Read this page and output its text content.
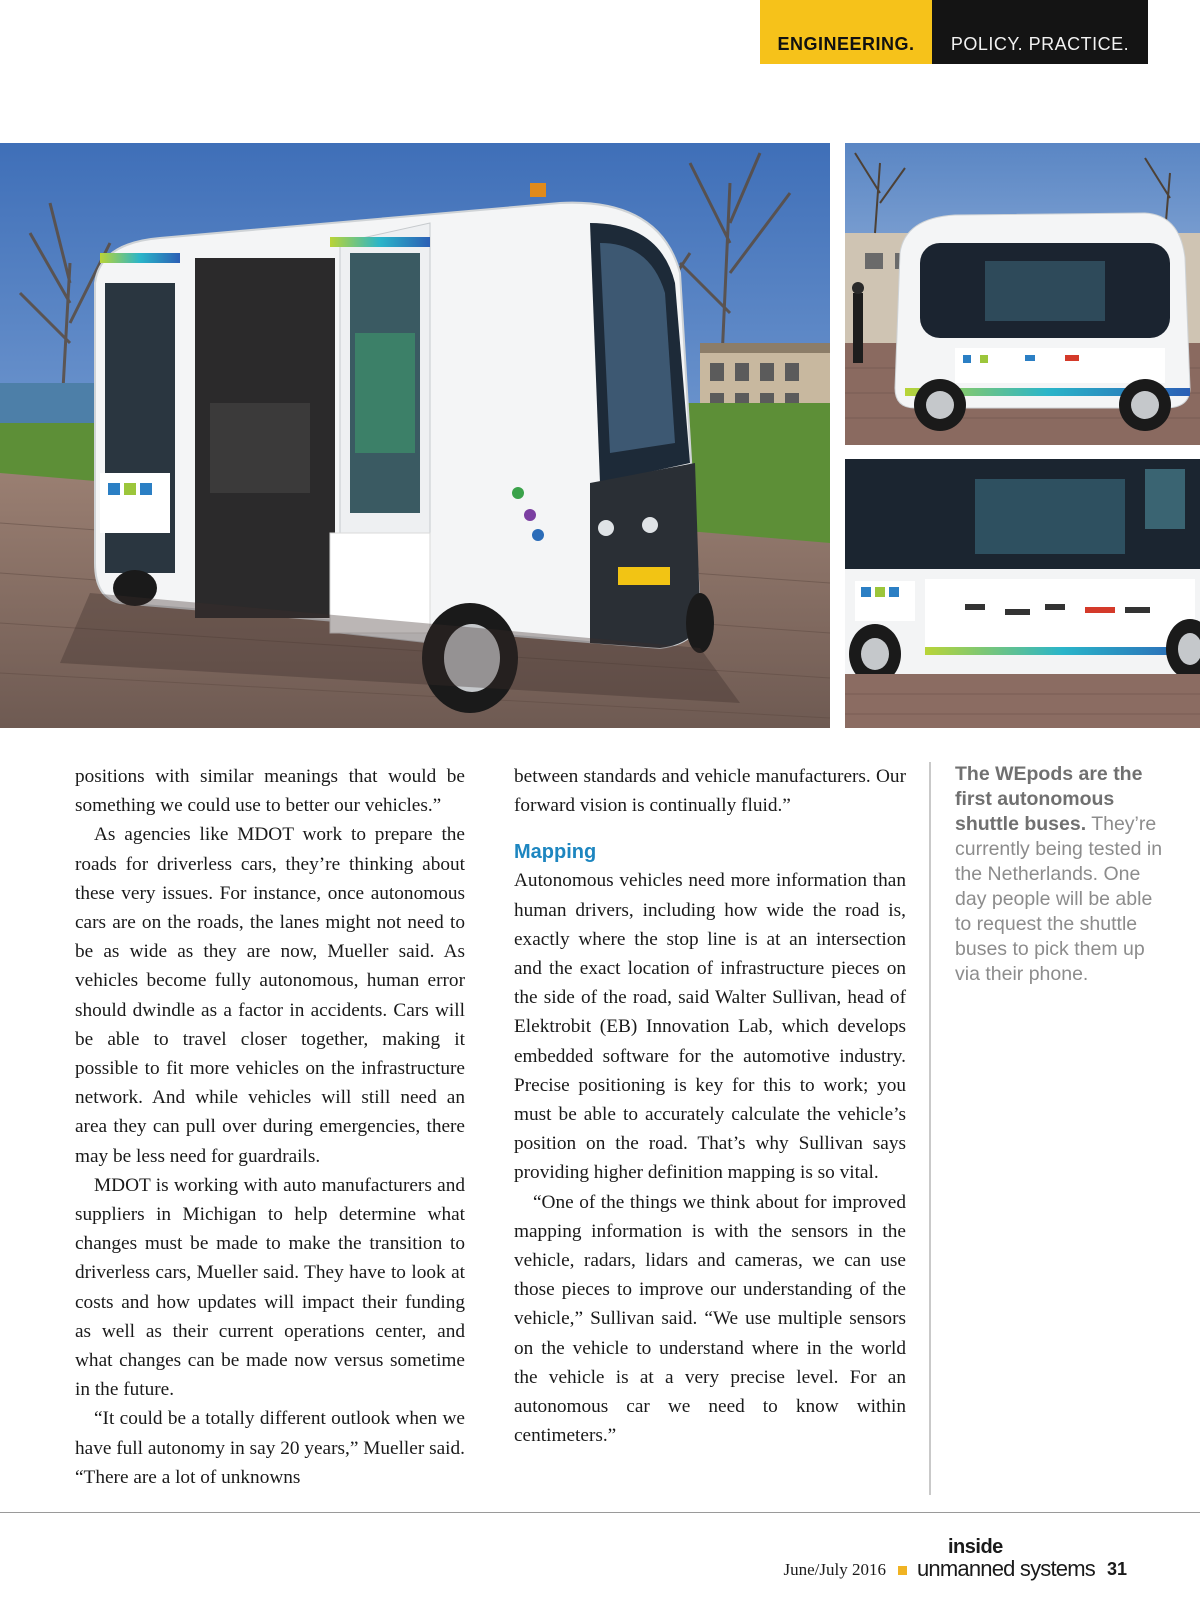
ENGINEERING.	POLICY. PRACTICE.

positions with similar meanings that would be something we could use to better our vehicles.”

As agencies like MDOT work to prepare the roads for driverless cars, they’re thinking about these very issues. For instance, once autonomous cars are on the roads, the lanes might not need to be as wide as they are now, Mueller said. As vehicles become fully autonomous, human error should dwindle as a factor in accidents. Cars will be able to travel closer together, making it possible to fit more vehicles on the infrastructure network. And while vehicles will still need an area they can pull over during emergencies, there may be less need for guardrails.

MDOT is working with auto manufacturers and suppliers in Michigan to help determine what changes must be made to make the transition to driverless cars, Mueller said. They have to look at costs and how updates will impact their funding as well as their current operations center, and what changes can be made now versus sometime in the future.

“It could be a totally different outlook when we have full autonomy in say 20 years,” Mueller said. “There are a lot of unknowns

between standards and vehicle manufacturers. Our forward vision is continually fluid.”

Mapping

Autonomous vehicles need more information than human drivers, including how wide the road is, exactly where the stop line is at an intersection and the exact location of infrastructure pieces on the side of the road, said Walter Sullivan, head of Elektrobit (EB) Innovation Lab, which develops embedded software for the automotive industry. Precise positioning is key for this to work; you must be able to accurately calculate the vehicle’s position on the road. That’s why Sullivan says providing higher definition mapping is so vital.

“One of the things we think about for improved mapping information is with the sensors in the vehicle, radars, lidars and cameras, we can use those pieces to improve our understanding of the vehicle,” Sullivan said. “We use multiple sensors on the vehicle to understand where in the world the vehicle is at a very precise level. For an autonomous car we need to know within centimeters.”

The WEpods are the first autonomous shuttle buses. They’re currently being tested in the Netherlands. One day people will be able to request the shuttle buses to pick them up via their phone.
June/July 2016
inside
unmanned systems 31
